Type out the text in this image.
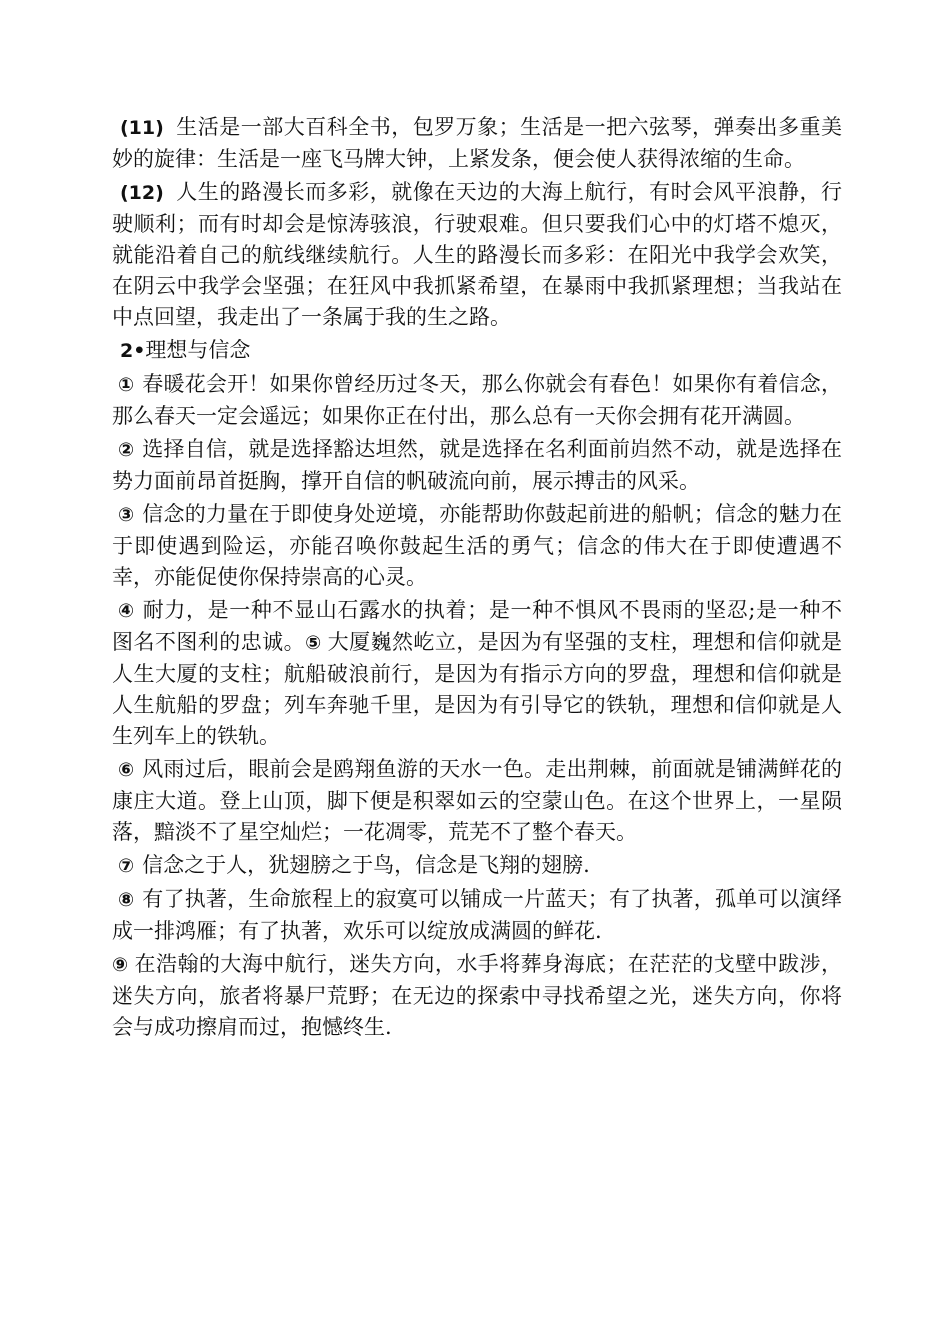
(11) 生活是一部大百科全书，包罗万象；生活是一把六弦琴，弹奏出多重美妙的旋律：生活是一座飞马牌大钟，上紧发条，便会使人获得浓缩的生命。

(12) 人生的路漫长而多彩，就像在天边的大海上航行，有时会风平浪静，行驶顺利；而有时却会是惊涛骇浪，行驶艰难。但只要我们心中的灯塔不熄灭，就能沿着自己的航线继续航行。人生的路漫长而多彩：在阳光中我学会欢笑，在阴云中我学会坚强；在狂风中我抓紧希望，在暴雨中我抓紧理想；当我站在中点回望，我走出了一条属于我的生之路。

2•理想与信念

① 春暖花会开！如果你曾经历过冬天，那么你就会有春色！如果你有着信念，那么春天一定会遥远；如果你正在付出，那么总有一天你会拥有花开满圆。

② 选择自信，就是选择豁达坦然，就是选择在名利面前岿然不动，就是选择在势力面前昂首挺胸，撑开自信的帆破流向前，展示搏击的风采。

③ 信念的力量在于即使身处逆境，亦能帮助你鼓起前进的船帆；信念的魅力在于即使遇到险运，亦能召唤你鼓起生活的勇气；信念的伟大在于即使遭遇不幸，亦能促使你保持崇高的心灵。

④ 耐力，是一种不显山石露水的执着；是一种不惧风不畏雨的坚忍;是一种不图名不图利的忠诚。⑤ 大厦巍然屹立，是因为有坚强的支柱，理想和信仰就是人生大厦的支柱；航船破浪前行，是因为有指示方向的罗盘，理想和信仰就是人生航船的罗盘；列车奔驰千里，是因为有引导它的铁轨，理想和信仰就是人生列车上的铁轨。

⑥ 风雨过后，眼前会是鸥翔鱼游的天水一色。走出荆棘，前面就是铺满鲜花的康庄大道。登上山顶，脚下便是积翠如云的空蒙山色。在这个世界上，一星陨落，黯淡不了星空灿烂；一花凋零，荒芜不了整个春天。

⑦ 信念之于人，犹翅膀之于鸟，信念是飞翔的翅膀.

⑧ 有了执著，生命旅程上的寂寞可以铺成一片蓝天；有了执著，孤单可以演绎成一排鸿雁；有了执著，欢乐可以绽放成满圆的鲜花.

⑨ 在浩翰的大海中航行，迷失方向，水手将葬身海底；在茫茫的戈壁中跋涉，迷失方向，旅者将暴尸荒野；在无边的探索中寻找希望之光，迷失方向，你将会与成功擦肩而过，抱憾终生.
